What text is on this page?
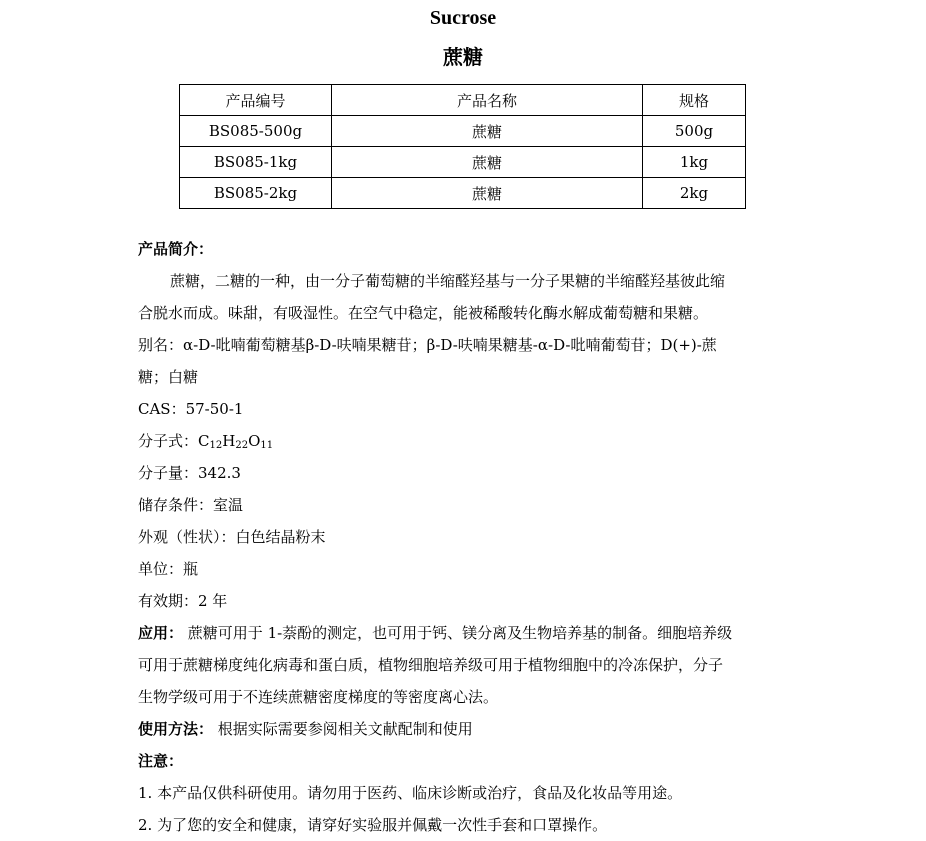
Sucrose
蔗糖
产品编号	产品名称	规格
BS085-500g	蔗糖	500g
BS085-1kg	蔗糖	1kg
BS085-2kg	蔗糖	2kg
产品简介：
蔗糖，二糖的一种，由一分子葡萄糖的半缩醛羟基与一分子果糖的半缩醛羟基彼此缩
合脱水而成。味甜，有吸湿性。在空气中稳定，能被稀酸转化酶水解成葡萄糖和果糖。
别名：α-D-吡喃葡萄糖基β-D-呋喃果糖苷；β-D-呋喃果糖基-α-D-吡喃葡萄苷；D(+)-蔗
糖；白糖
CAS：57-50-1
分子式：$C_{12}H_{22}O_{11}$
分子量：342.3
储存条件：室温
外观（性状）：白色结晶粉末
单位：瓶
有效期：2 年
应用： 蔗糖可用于 1-萘酚的测定，也可用于钙、镁分离及生物培养基的制备。细胞培养级
可用于蔗糖梯度纯化病毒和蛋白质，植物细胞培养级可用于植物细胞中的冷冻保护，分子
生物学级可用于不连续蔗糖密度梯度的等密度离心法。
使用方法： 根据实际需要参阅相关文献配制和使用
注意：
1. 本产品仅供科研使用。请勿用于医药、临床诊断或治疗，食品及化妆品等用途。
2. 为了您的安全和健康，请穿好实验服并佩戴一次性手套和口罩操作。
